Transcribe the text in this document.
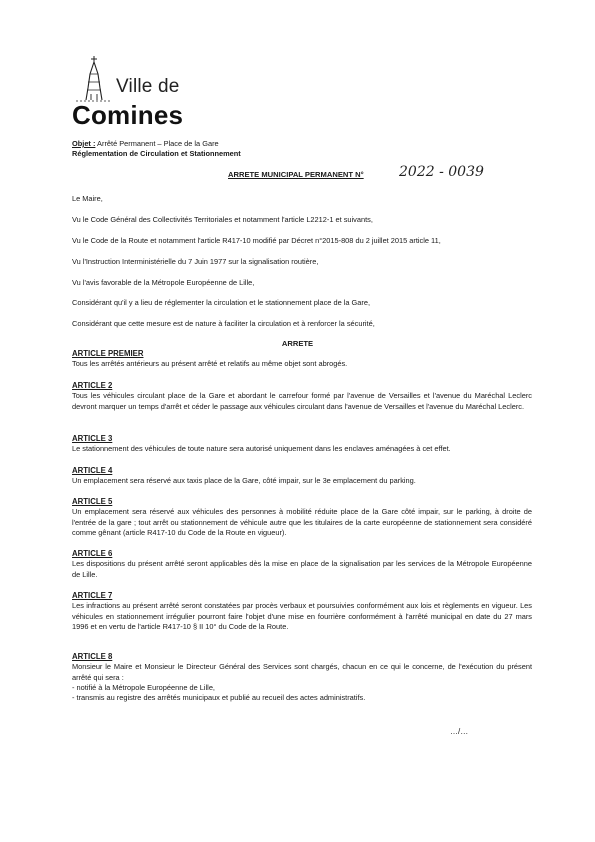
Ville de
Comines
Objet : Arrêté Permanent – Place de la Gare
Réglementation de Circulation et Stationnement
ARRETE MUNICIPAL PERMANENT N°	2022 - 0039
Le Maire,
Vu le Code Général des Collectivités Territoriales et notamment l'article L2212-1 et suivants,
Vu le Code de la Route et notamment l'article R417-10 modifié par Décret n°2015-808 du 2 juillet 2015 article 11,
Vu l'Instruction Interministérielle du 7 Juin 1977 sur la signalisation routière,
Vu l'avis favorable de la Métropole Européenne de Lille,
Considérant qu'il y a lieu de réglementer la circulation et le stationnement place de la Gare,
Considérant que cette mesure est de nature à faciliter la circulation et à renforcer la sécurité,
ARRETE
ARTICLE PREMIER
Tous les arrêtés antérieurs au présent arrêté et relatifs au même objet sont abrogés.
ARTICLE 2
Tous les véhicules circulant place de la Gare et abordant le carrefour formé par l'avenue de Versailles et l'avenue du Maréchal Leclerc devront marquer un temps d'arrêt et céder le passage aux véhicules circulant dans l'avenue de Versailles et l'avenue du Maréchal Leclerc.
ARTICLE 3
Le stationnement des véhicules de toute nature sera autorisé uniquement dans les enclaves aménagées à cet effet.
ARTICLE 4
Un emplacement sera réservé aux taxis place de la Gare, côté impair, sur le 3e emplacement du parking.
ARTICLE 5
Un emplacement sera réservé aux véhicules des personnes à mobilité réduite place de la Gare côté impair, sur le parking, à droite de l'entrée de la gare ; tout arrêt ou stationnement de véhicule autre que les titulaires de la carte européenne de stationnement sera considéré comme gênant (article R417-10 du Code de la Route en vigueur).
ARTICLE 6
Les dispositions du présent arrêté seront applicables dès la mise en place de la signalisation par les services de la Métropole Européenne de Lille.
ARTICLE 7
Les infractions au présent arrêté seront constatées par procès verbaux et poursuivies conformément aux lois et règlements en vigueur. Les véhicules en stationnement irrégulier pourront faire l'objet d'une mise en fourrière conformément à l'arrêté municipal en date du 27 mars 1996 et en vertu de l'article R417-10 § II 10° du Code de la Route.
ARTICLE 8
Monsieur le Maire et Monsieur le Directeur Général des Services sont chargés, chacun en ce qui le concerne, de l'exécution du présent arrêté qui sera :
- notifié à la Métropole Européenne de Lille,
- transmis au registre des arrêtés municipaux et publié au recueil des actes administratifs.
…/…
